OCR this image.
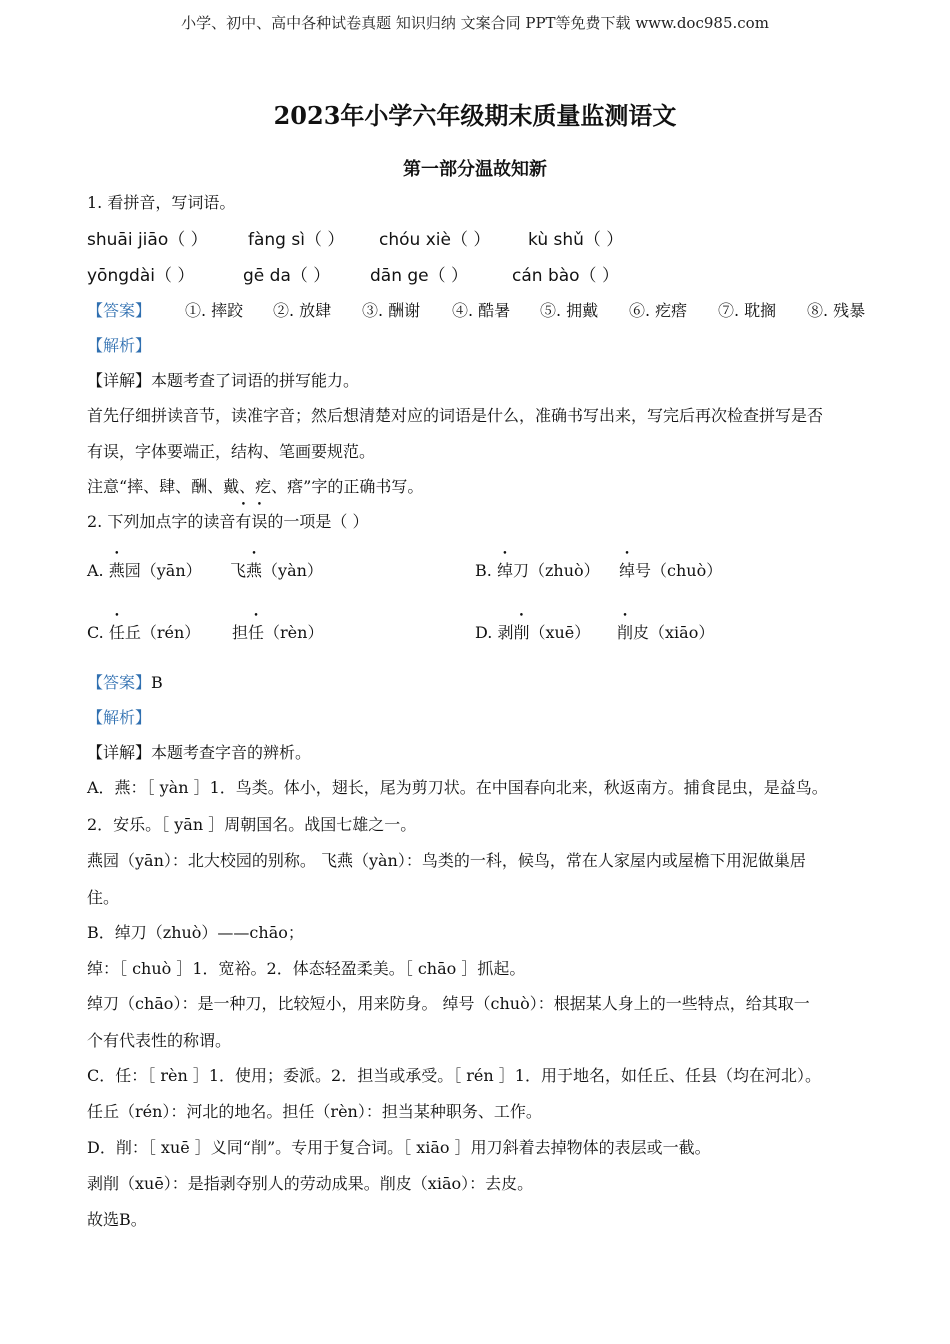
小学、初中、高中各种试卷真题 知识归纳 文案合同 PPT等免费下载 www.doc985.com
2023年小学六年级期末质量监测语文
第一部分温故知新
1. 看拼音，写词语。
shuāi jiāo（ ） fàng sì（ ） chóu xiè（ ） kù shǔ（ ）
yōngdài（ ）	gē da（ ） dān ge（ ）	cán bào（ ）
【答案】 ①. 摔跤 ②. 放肆 ③. 酬谢 ④. 酷暑 ⑤. 拥戴 ⑥. 疙瘩 ⑦. 耽搁 ⑧. 残暴
【解析】
【详解】本题考查了词语的拼写能力。
首先仔细拼读音节，读准字音；然后想清楚对应的词语是什么，准确书写出来，写完后再次检查拼写是否
有误，字体要端正，结构、笔画要规范。
注意“摔、肆、酬、戴、疙、瘩”字的正确书写。
2. 下列加点字的读音有误的一项是（ ）
A. 燕园（yān） 飞燕（yàn）	B. 绰刀（zhuò） 绰号（chuò）
C. 任丘（rén） 担任（rèn）	D. 剥削（xuē） 削皮（xiāo）
【答案】B
【解析】
【详解】本题考查字音的辨析。
A．燕：［ yàn ］1．鸟类。体小，翅长，尾为剪刀状。在中国春向北来，秋返南方。捕食昆虫，是益鸟。
2．安乐。［ yān ］周朝国名。战国七雄之一。
燕园（yān）：北大校园的别称。 飞燕（yàn）：鸟类的一科，候鸟，常在人家屋内或屋檐下用泥做巢居
住。
B．绰刀（zhuò）——chāo；
绰：［ chuò ］1．宽裕。2．体态轻盈柔美。［ chāo ］抓起。
绰刀（chāo）：是一种刀，比较短小，用来防身。 绰号（chuò）：根据某人身上的一些特点，给其取一
个有代表性的称谓。
C．任：［ rèn ］1．使用；委派。2．担当或承受。［ rén ］1．用于地名，如任丘、任县（均在河北）。
任丘（rén）：河北的地名。担任（rèn）：担当某种职务、工作。
D．削：［ xuē ］义同“削”。专用于复合词。［ xiāo ］用刀斜着去掉物体的表层或一截。
剥削（xuē）：是指剥夺别人的劳动成果。削皮（xiāo）：去皮。
故选B。
